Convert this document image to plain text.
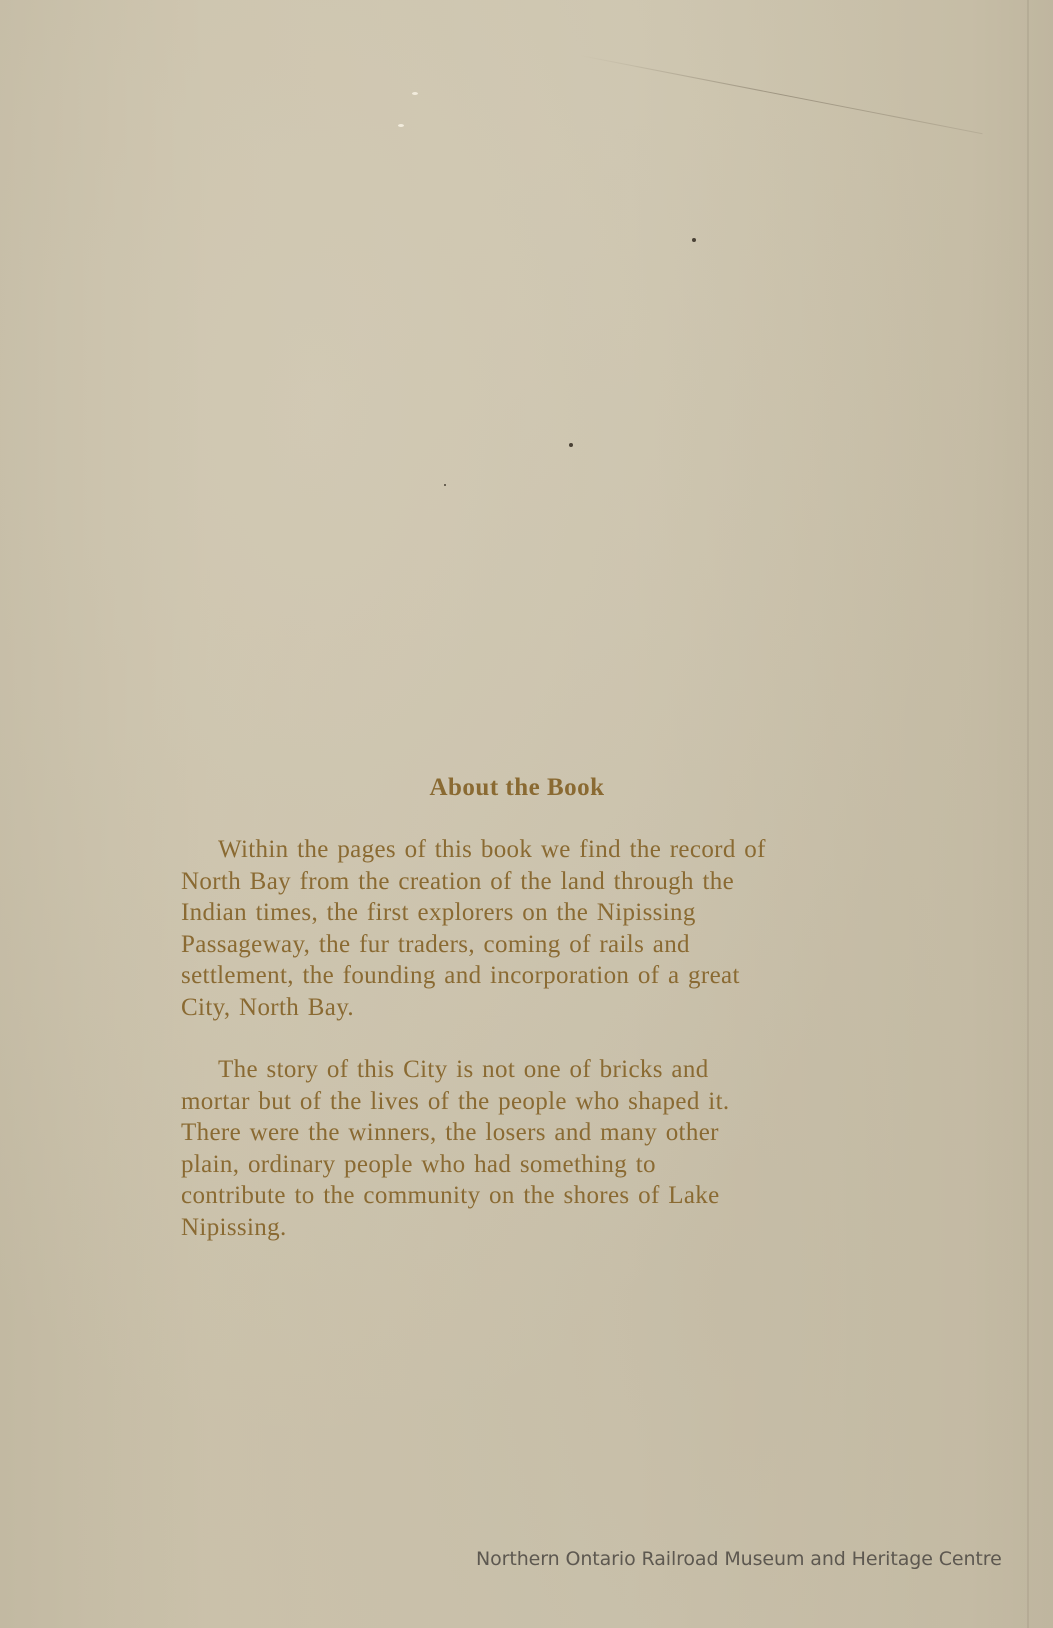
About the Book
Within the pages of this book we find the record of
North Bay from the creation of the land through the
Indian times, the first explorers on the Nipissing
Passageway, the fur traders, coming of rails and
settlement, the founding and incorporation of a great
City, North Bay.
The story of this City is not one of bricks and
mortar but of the lives of the people who shaped it.
There were the winners, the losers and many other
plain, ordinary people who had something to
contribute to the community on the shores of Lake
Nipissing.
Northern Ontario Railroad Museum and Heritage Centre
